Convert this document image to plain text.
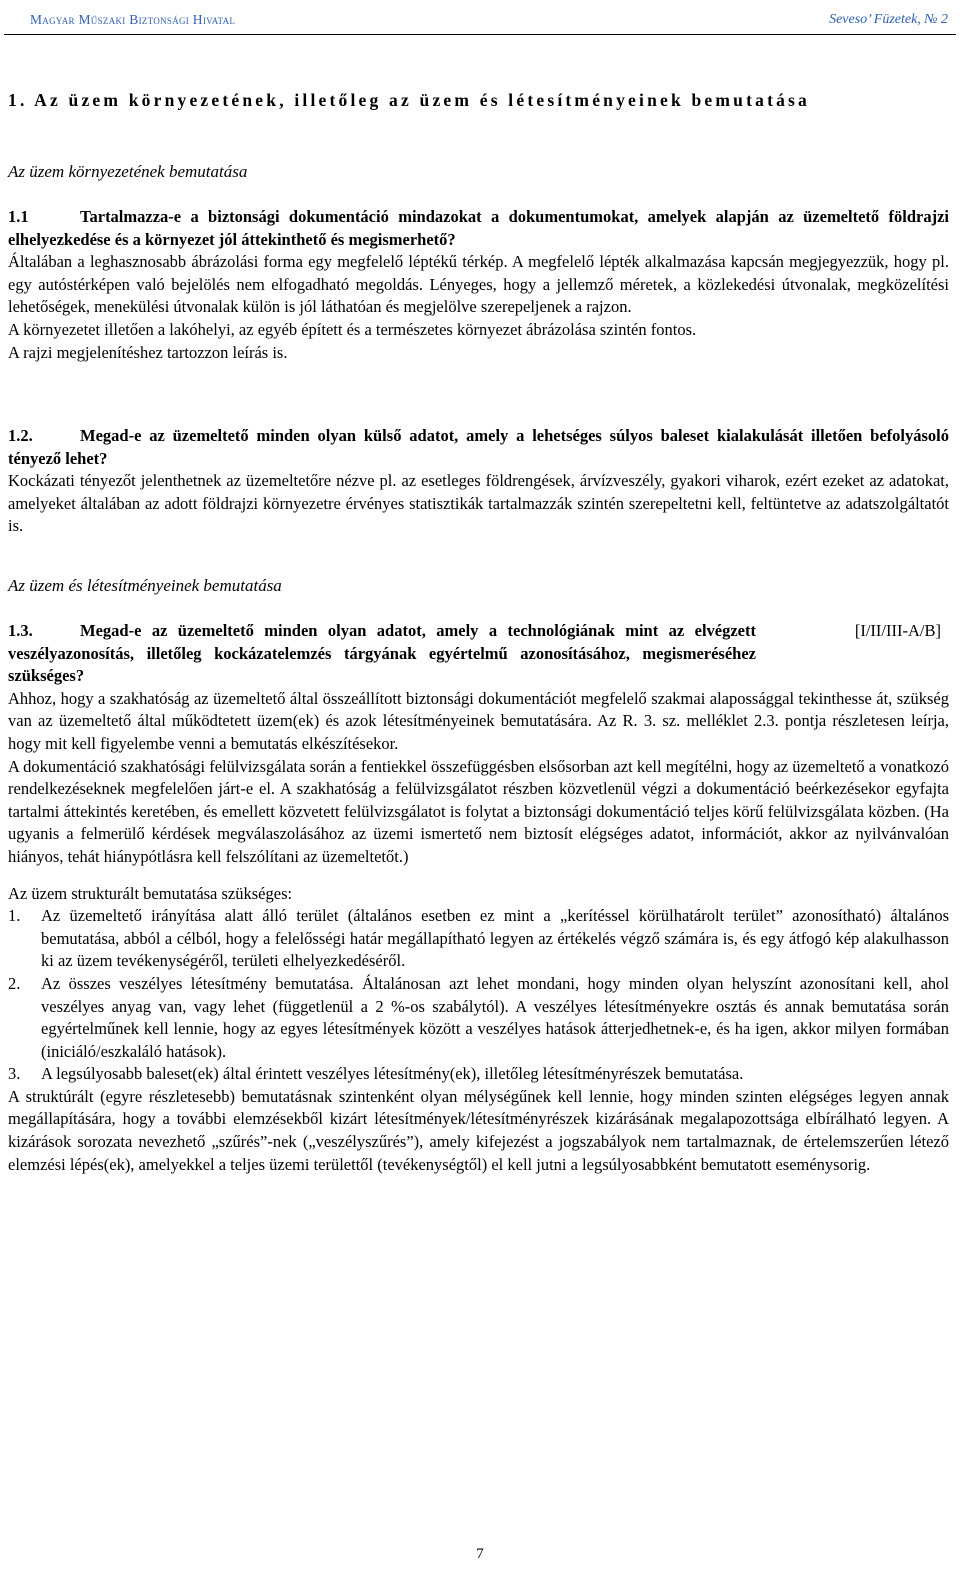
Magyar Műszaki Biztonsági Hivatal	Seveso’ Füzetek, № 2
1. Az üzem környezetének, illetőleg az üzem és létesítményeinek bemutatása
Az üzem környezetének bemutatása

1.1	Tartalmazza-e a biztonsági dokumentáció mindazokat a dokumentumokat, amelyek alapján az üzemeltető földrajzi elhelyezkedése és a környezet jól áttekinthető és megismerhető?

Általában a leghasznosabb ábrázolási forma egy megfelelő léptékű térkép. A megfelelő lépték alkalmazása kapcsán megjegyezzük, hogy pl. egy autóstérképen való bejelölés nem elfogadható megoldás. Lényeges, hogy a jellemző méretek, a közlekedési útvonalak, megközelítési lehetőségek, menekülési útvonalak külön is jól láthatóan és megjelölve szerepeljenek a rajzon.

A környezetet illetően a lakóhelyi, az egyéb épített és a természetes környezet ábrázolása szintén fontos.

A rajzi megjelenítéshez tartozzon leírás is.

1.2.	Megad-e az üzemeltető minden olyan külső adatot, amely a lehetséges súlyos baleset kialakulását illetően befolyásoló tényező lehet?

Kockázati tényezőt jelenthetnek az üzemeltetőre nézve pl. az esetleges földrengések, árvízveszély, gyakori viharok, ezért ezeket az adatokat, amelyeket általában az adott földrajzi környezetre érvényes statisztikák tartalmazzák szintén szerepeltetni kell, feltüntetve az adatszolgáltatót is.

Az üzem és létesítményeinek bemutatása

1.3.	Megad-e az üzemeltető minden olyan adatot, amely a technológiának mint az elvégzett veszélyazonosítás, illetőleg kockázatelemzés tárgyának egyértelmű azonosításához, megismeréséhez szükséges?

[I/II/III-A/B]

Ahhoz, hogy a szakhatóság az üzemeltető által összeállított biztonsági dokumentációt megfelelő szakmai alapossággal tekinthesse át, szükség van az üzemeltető által működtetett üzem(ek) és azok létesítményeinek bemutatására. Az R. 3. sz. melléklet 2.3. pontja részletesen leírja, hogy mit kell figyelembe venni a bemutatás elkészítésekor.

A dokumentáció szakhatósági felülvizsgálata során a fentiekkel összefüggésben elsősorban azt kell megítélni, hogy az üzemeltető a vonatkozó rendelkezéseknek megfelelően járt-e el. A szakhatóság a felülvizsgálatot részben közvetlenül végzi a dokumentáció beérkezésekor egyfajta tartalmi áttekintés keretében, és emellett közvetett felülvizsgálatot is folytat a biztonsági dokumentáció teljes körű felülvizsgálata közben. (Ha ugyanis a felmerülő kérdések megválaszolásához az üzemi ismertető nem biztosít elégséges adatot, információt, akkor az nyilvánvalóan hiányos, tehát hiánypótlásra kell felszólítani az üzemeltetőt.)

Az üzem strukturált bemutatása szükséges:

1. Az üzemeltető irányítása alatt álló terület (általános esetben ez mint a „kerítéssel körülhatárolt terület” azonosítható) általános bemutatása, abból a célból, hogy a felelősségi határ megállapítható legyen az értékelés végző számára is, és egy átfogó kép alakulhasson ki az üzem tevékenységéről, területi elhelyezkedéséről.
2. Az összes veszélyes létesítmény bemutatása. Általánosan azt lehet mondani, hogy minden olyan helyszínt azonosítani kell, ahol veszélyes anyag van, vagy lehet (függetlenül a 2 %-os szabálytól). A veszélyes létesítményekre osztás és annak bemutatása során egyértelműnek kell lennie, hogy az egyes létesítmények között a veszélyes hatások átterjedhetnek-e, és ha igen, akkor milyen formában (iniciáló/eszkaláló hatások).
3. A legsúlyosabb baleset(ek) által érintett veszélyes létesítmény(ek), illetőleg létesítményrészek bemutatása.

A struktúrált (egyre részletesebb) bemutatásnak szintenként olyan mélységűnek kell lennie, hogy minden szinten elégséges legyen annak megállapítására, hogy a további elemzésekből kizárt létesítmények/létesítményrészek kizárásának megalapozottsága elbírálható legyen. A kizárások sorozata nevezhető „szűrés”-nek („veszélyszűrés”), amely kifejezést a jogszabályok nem tartalmaznak, de értelemszerűen létező elemzési lépés(ek), amelyekkel a teljes üzemi területtől (tevékenységtől) el kell jutni a legsúlyosabbként bemutatott eseménysorig.

7
